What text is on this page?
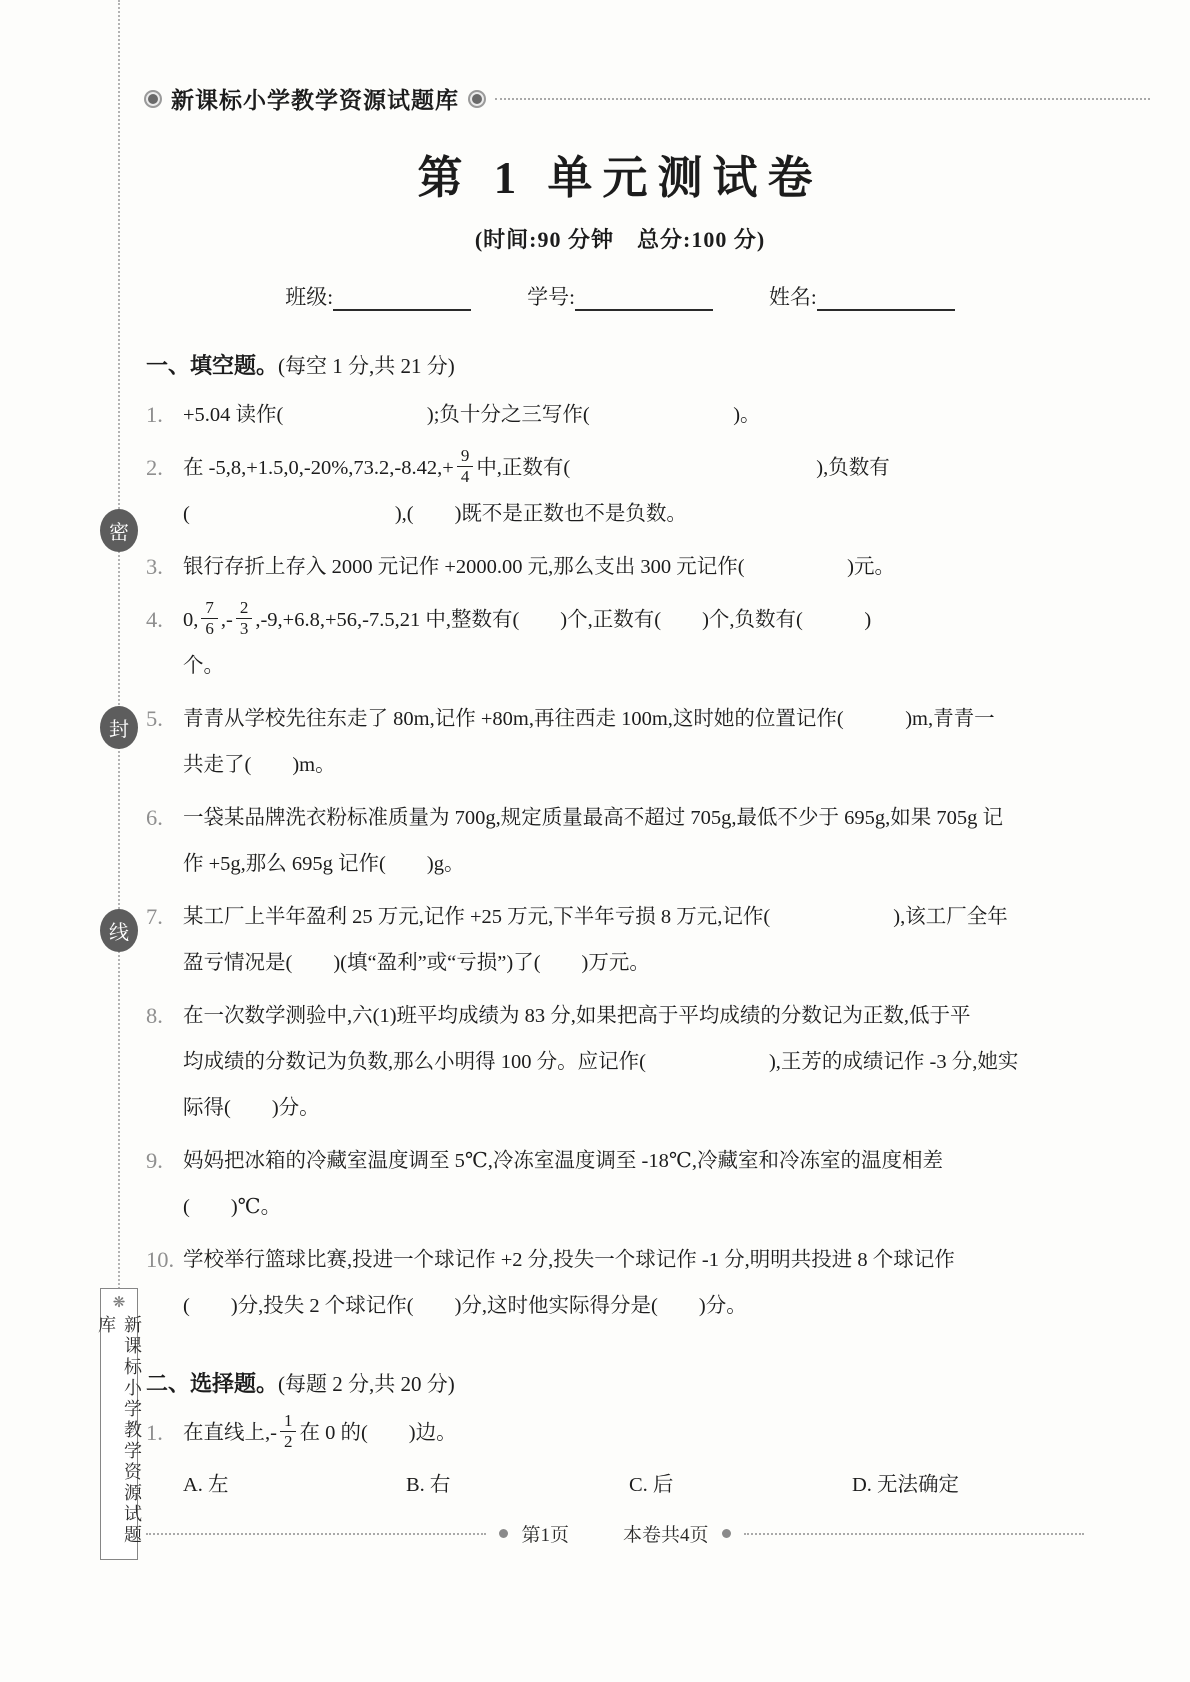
密
封
线
❋
新课标小学教学资源试题库
新课标小学教学资源试题库
第 1 单元测试卷
(时间:90 分钟　总分:100 分)
班级:	学号:	姓名:
一、填空题。(每空 1 分,共 21 分)
1. +5.04 读作(　　　　　　　);负十分之三写作(　　　　　　　)。
2. 在 $-5,8,+1.5,0,-20\%,73.2,-8.42,+ \frac{9}{4}$ 中,正数有(　　　　　　　　　　　　),负数有
(　　　　　　　　　　),(　　)既不是正数也不是负数。
3. 银行存折上存入 2000 元记作 +2000.00 元,那么支出 300 元记作(　　　　　)元。
4. 0, $\frac{7}{6}$ ,- $\frac{2}{3} ,-9,+6.8,+56,-7.5,21$ 中,整数有(　　)个,正数有(　　)个,负数有(　　　)
个。
5. 青青从学校先往东走了 80m,记作 +80m,再往西走 100m,这时她的位置记作(　　　)m,青青一
共走了(　　)m。
6. 一袋某品牌洗衣粉标准质量为 700g,规定质量最高不超过 705g,最低不少于 695g,如果 705g 记
作 +5g,那么 695g 记作(　　)g。
7. 某工厂上半年盈利 25 万元,记作 +25 万元,下半年亏损 8 万元,记作(　　　　　　),该工厂全年
盈亏情况是(　　)(填“盈利”或“亏损”)了(　　)万元。
8. 在一次数学测验中,六(1)班平均成绩为 83 分,如果把高于平均成绩的分数记为正数,低于平
均成绩的分数记为负数,那么小明得 100 分。应记作(　　　　　　),王芳的成绩记作 -3 分,她实
际得(　　)分。
9. 妈妈把冰箱的冷藏室温度调至 5℃,冷冻室温度调至 -18℃,冷藏室和冷冻室的温度相差
(　　)℃。
10. 学校举行篮球比赛,投进一个球记作 +2 分,投失一个球记作 -1 分,明明共投进 8 个球记作
(　　)分,投失 2 个球记作(　　)分,这时他实际得分是(　　)分。
二、选择题。(每题 2 分,共 20 分)
1. 在直线上,- $\frac{1}{2}$ 在 0 的(　　)边。
A. 左	B. 右	C. 后	D. 无法确定
第1页	本卷共4页
